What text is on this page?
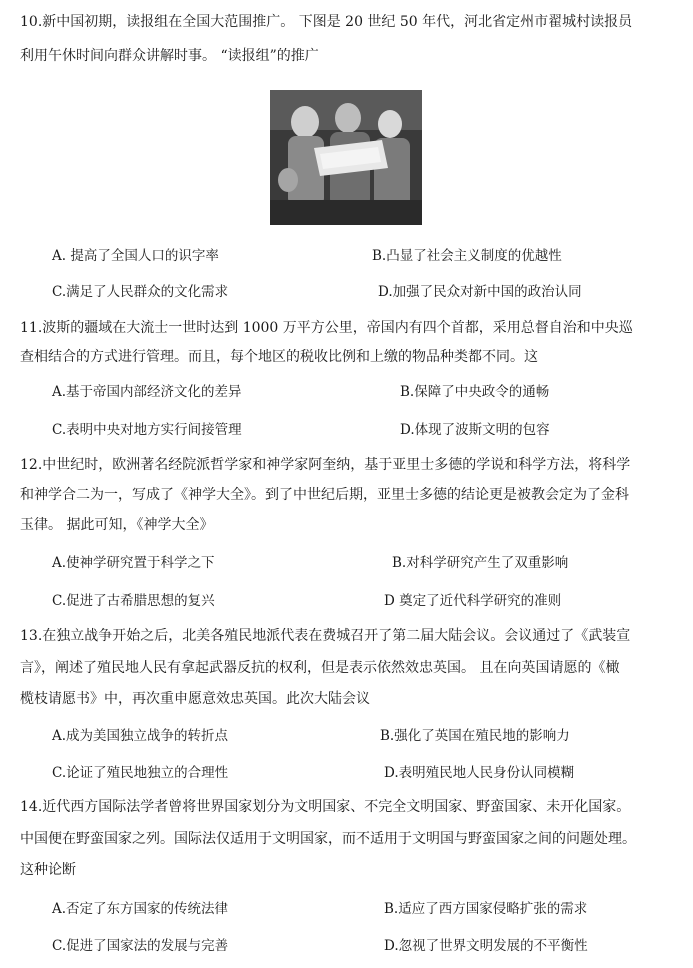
10.新中国初期，读报组在全国大范围推广。 下图是 20 世纪 50 年代，河北省定州市翟城村读报员
利用午休时间向群众讲解时事。 “读报组”的推广
A. 提高了全国人口的识字率	B.凸显了社会主义制度的优越性
C.满足了人民群众的文化需求	D.加强了民众对新中国的政治认同
11.波斯的疆域在大流士一世时达到 1000 万平方公里，帝国内有四个首都，采用总督自治和中央巡
查相结合的方式进行管理。而且，每个地区的税收比例和上缴的物品种类都不同。这
A.基于帝国内部经济文化的差异	B.保障了中央政令的通畅
C.表明中央对地方实行间接管理	D.体现了波斯文明的包容
12.中世纪时，欧洲著名经院派哲学家和神学家阿奎纳，基于亚里士多德的学说和科学方法，将科学
和神学合二为一，写成了《神学大全》。到了中世纪后期，亚里士多德的结论更是被教会定为了金科
玉律。 据此可知，《神学大全》
A.使神学研究置于科学之下	B.对科学研究产生了双重影响
C.促进了古希腊思想的复兴	D 奠定了近代科学研究的准则
13.在独立战争开始之后，北美各殖民地派代表在费城召开了第二届大陆会议。会议通过了《武装宣
言》，阐述了殖民地人民有拿起武器反抗的权利，但是表示依然效忠英国。 且在向英国请愿的《橄
榄枝请愿书》中，再次重申愿意效忠英国。此次大陆会议
A.成为美国独立战争的转折点	B.强化了英国在殖民地的影响力
C.论证了殖民地独立的合理性	D.表明殖民地人民身份认同模糊
14.近代西方国际法学者曾将世界国家划分为文明国家、不完全文明国家、野蛮国家、未开化国家。
中国便在野蛮国家之列。国际法仅适用于文明国家，而不适用于文明国与野蛮国家之间的问题处理。
这种论断
A.否定了东方国家的传统法律	B.适应了西方国家侵略扩张的需求
C.促进了国家法的发展与完善	D.忽视了世界文明发展的不平衡性
